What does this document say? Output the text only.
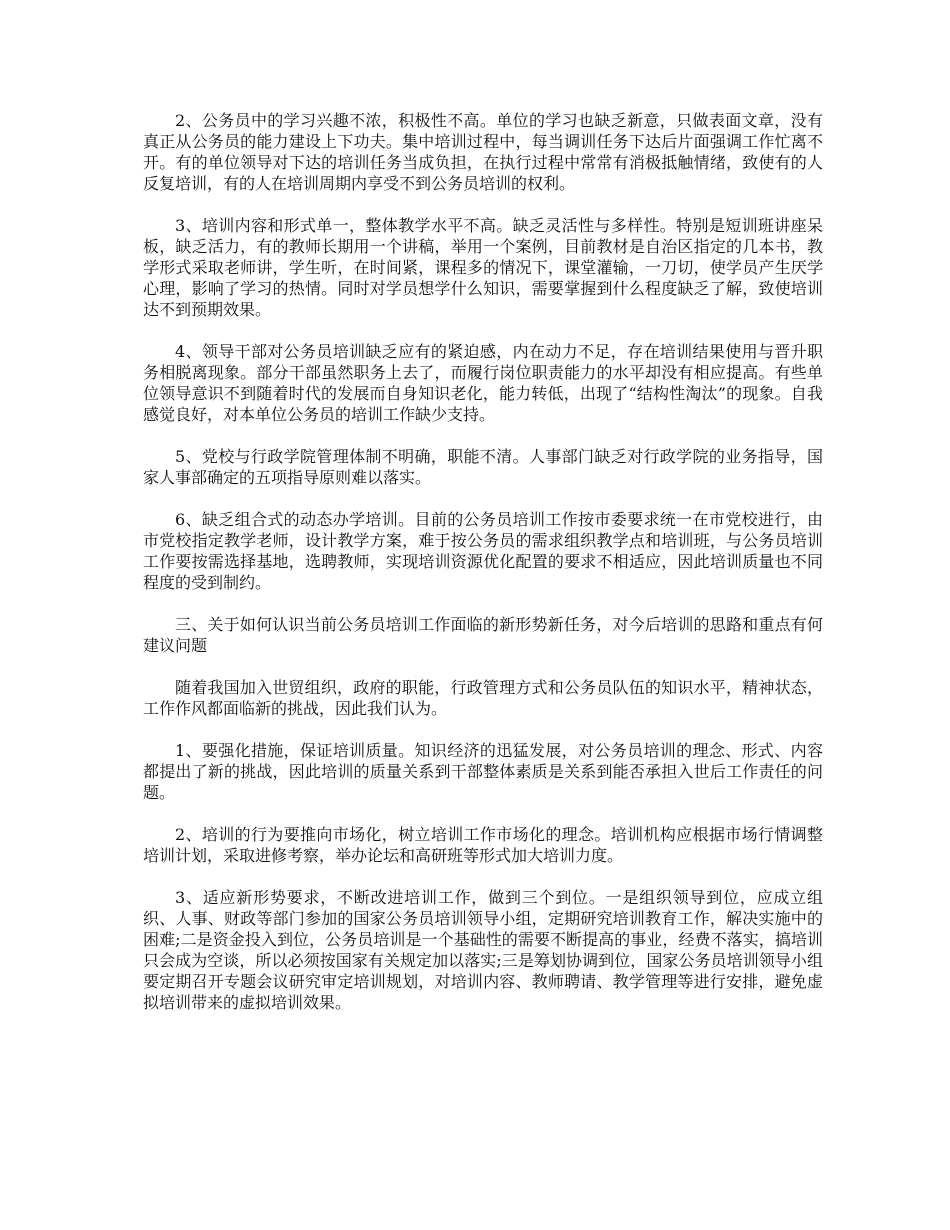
2、公务员中的学习兴趣不浓，积极性不高。单位的学习也缺乏新意，只做表面文章，没有真正从公务员的能力建设上下功夫。集中培训过程中，每当调训任务下达后片面强调工作忙离不开。有的单位领导对下达的培训任务当成负担，在执行过程中常常有消极抵触情绪，致使有的人反复培训，有的人在培训周期内享受不到公务员培训的权利。

3、培训内容和形式单一，整体教学水平不高。缺乏灵活性与多样性。特别是短训班讲座呆板，缺乏活力，有的教师长期用一个讲稿，举用一个案例，目前教材是自治区指定的几本书，教学形式采取老师讲，学生听，在时间紧，课程多的情况下，课堂灌输，一刀切，使学员产生厌学心理，影响了学习的热情。同时对学员想学什么知识，需要掌握到什么程度缺乏了解，致使培训达不到预期效果。

4、领导干部对公务员培训缺乏应有的紧迫感，内在动力不足，存在培训结果使用与晋升职务相脱离现象。部分干部虽然职务上去了，而履行岗位职责能力的水平却没有相应提高。有些单位领导意识不到随着时代的发展而自身知识老化，能力转低，出现了“结构性淘汰”的现象。自我感觉良好，对本单位公务员的培训工作缺少支持。

5、党校与行政学院管理体制不明确，职能不清。人事部门缺乏对行政学院的业务指导，国家人事部确定的五项指导原则难以落实。

6、缺乏组合式的动态办学培训。目前的公务员培训工作按市委要求统一在市党校进行，由市党校指定教学老师，设计教学方案，难于按公务员的需求组织教学点和培训班，与公务员培训工作要按需选择基地，选聘教师，实现培训资源优化配置的要求不相适应，因此培训质量也不同程度的受到制约。

三、关于如何认识当前公务员培训工作面临的新形势新任务，对今后培训的思路和重点有何建议问题

随着我国加入世贸组织，政府的职能，行政管理方式和公务员队伍的知识水平，精神状态，工作作风都面临新的挑战，因此我们认为。

1、要强化措施，保证培训质量。知识经济的迅猛发展，对公务员培训的理念、形式、内容都提出了新的挑战，因此培训的质量关系到干部整体素质是关系到能否承担入世后工作责任的问题。

2、培训的行为要推向市场化，树立培训工作市场化的理念。培训机构应根据市场行情调整培训计划，采取进修考察，举办论坛和高研班等形式加大培训力度。

3、适应新形势要求，不断改进培训工作，做到三个到位。一是组织领导到位，应成立组织、人事、财政等部门参加的国家公务员培训领导小组，定期研究培训教育工作，解决实施中的困难;二是资金投入到位，公务员培训是一个基础性的需要不断提高的事业，经费不落实，搞培训只会成为空谈，所以必须按国家有关规定加以落实;三是筹划协调到位，国家公务员培训领导小组要定期召开专题会议研究审定培训规划，对培训内容、教师聘请、教学管理等进行安排，避免虚拟培训带来的虚拟培训效果。
